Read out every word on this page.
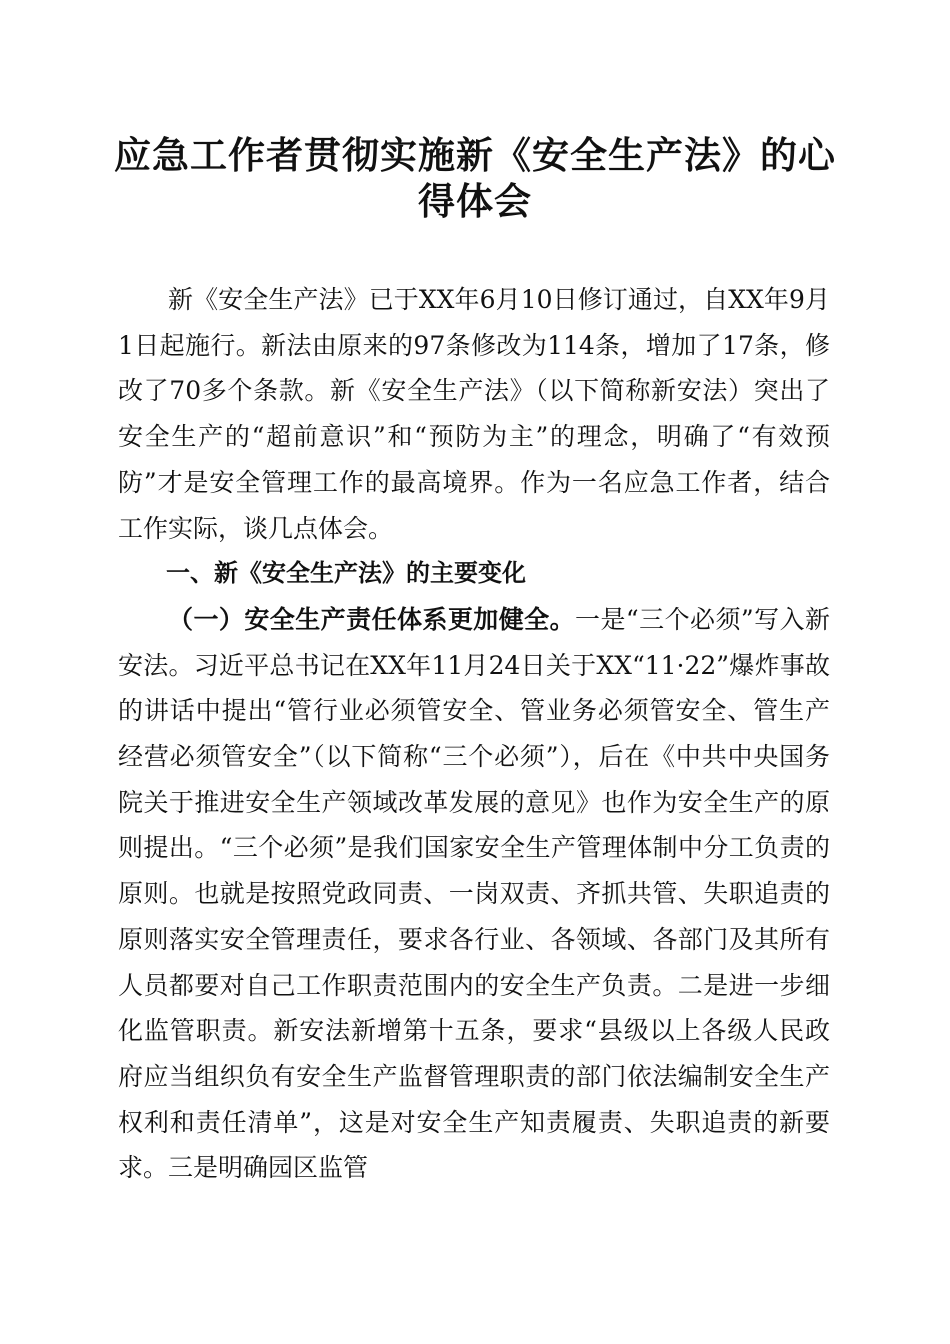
应急工作者贯彻实施新《安全生产法》的心得体会

新《安全生产法》已于XX年6月10日修订通过，自XX年9月1日起施行。新法由原来的97条修改为114条，增加了17条，修改了70多个条款。新《安全生产法》（以下简称新安法）突出了安全生产的“超前意识”和“预防为主”的理念，明确了“有效预防”才是安全管理工作的最高境界。作为一名应急工作者，结合工作实际，谈几点体会。

一、新《安全生产法》的主要变化

（一）安全生产责任体系更加健全。一是“三个必须”写入新安法。习近平总书记在XX年11月24日关于XX“11·22”爆炸事故的讲话中提出“管行业必须管安全、管业务必须管安全、管生产经营必须管安全”（以下简称“三个必须”），后在《中共中央国务院关于推进安全生产领域改革发展的意见》也作为安全生产的原则提出。“三个必须”是我们国家安全生产管理体制中分工负责的原则。也就是按照党政同责、一岗双责、齐抓共管、失职追责的原则落实安全管理责任，要求各行业、各领域、各部门及其所有人员都要对自己工作职责范围内的安全生产负责。二是进一步细化监管职责。新安法新增第十五条，要求“县级以上各级人民政府应当组织负有安全生产监督管理职责的部门依法编制安全生产权利和责任清单”，这是对安全生产知责履责、失职追责的新要求。三是明确园区监管
